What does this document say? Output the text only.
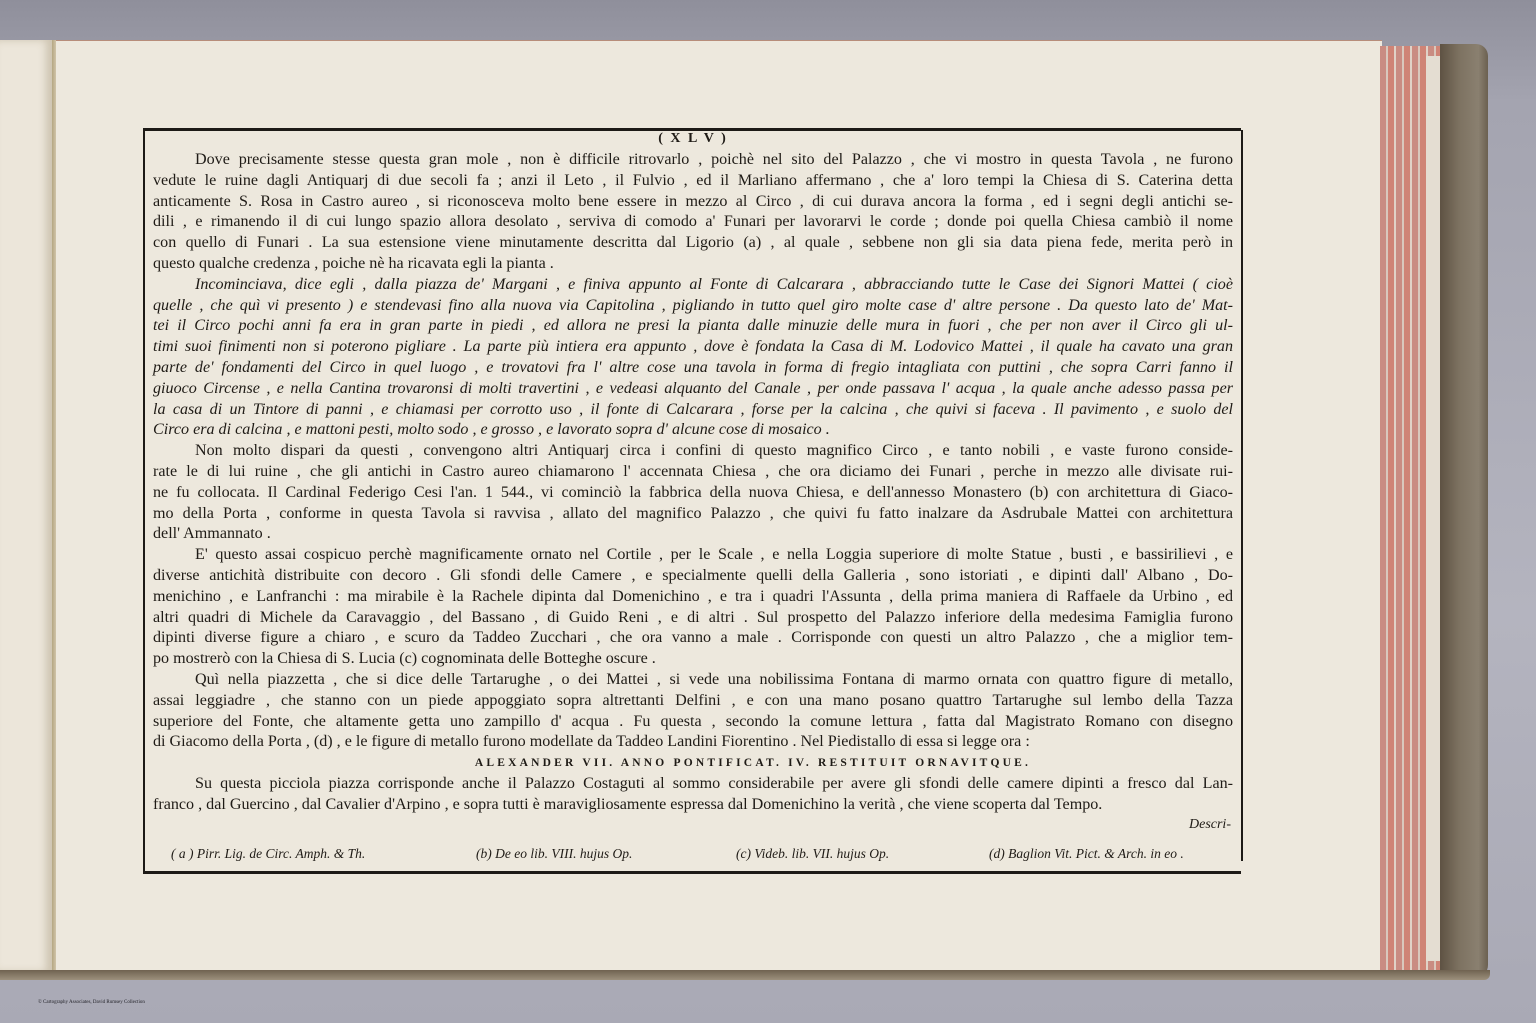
( X L V )
Dove precisamente stesse questa gran mole , non è difficile ritrovarlo , poichè nel sito del Palazzo , che vi mostro in questa Tavola , ne furono
vedute le ruine dagli Antiquarj di due secoli fa ; anzi il Leto , il Fulvio , ed il Marliano affermano , che a' loro tempi la Chiesa di S. Caterina detta
anticamente S. Rosa in Castro aureo , si riconosceva molto bene essere in mezzo al Circo , di cui durava ancora la forma , ed i segni degli antichi se-
dili , e rimanendo il di cui lungo spazio allora desolato , serviva di comodo a' Funari per lavorarvi le corde ; donde poi quella Chiesa cambiò il nome
con quello di Funari . La sua estensione viene minutamente descritta dal Ligorio (a) , al quale , sebbene non gli sia data piena fede, merita però in
questo qualche credenza , poiche nè ha ricavata egli la pianta .
Incominciava, dice egli , dalla piazza de' Margani , e finiva appunto al Fonte di Calcarara , abbracciando tutte le Case dei Signori Mattei ( cioè
quelle , che quì vi presento ) e stendevasi fino alla nuova via Capitolina , pigliando in tutto quel giro molte case d' altre persone . Da questo lato de' Mat-
tei il Circo pochi anni fa era in gran parte in piedi , ed allora ne presi la pianta dalle minuzie delle mura in fuori , che per non aver il Circo gli ul-
timi suoi finimenti non si poterono pigliare . La parte più intiera era appunto , dove è fondata la Casa di M. Lodovico Mattei , il quale ha cavato una gran
parte de' fondamenti del Circo in quel luogo , e trovatovi fra l' altre cose una tavola in forma di fregio intagliata con puttini , che sopra Carri fanno il
giuoco Circense , e nella Cantina trovaronsi di molti travertini , e vedeasi alquanto del Canale , per onde passava l' acqua , la quale anche adesso passa per
la casa di un Tintore di panni , e chiamasi per corrotto uso , il fonte di Calcarara , forse per la calcina , che quivi si faceva . Il pavimento , e suolo del
Circo era di calcina , e mattoni pesti, molto sodo , e grosso , e lavorato sopra d' alcune cose di mosaico .
Non molto dispari da questi , convengono altri Antiquarj circa i confini di questo magnifico Circo , e tanto nobili , e vaste furono conside-
rate le di lui ruine , che gli antichi in Castro aureo chiamarono l' accennata Chiesa , che ora diciamo dei Funari , perche in mezzo alle divisate rui-
ne fu collocata. Il Cardinal Federigo Cesi l'an. 1 544., vi cominciò la fabbrica della nuova Chiesa, e dell'annesso Monastero (b) con architettura di Giaco-
mo della Porta , conforme in questa Tavola si ravvisa , allato del magnifico Palazzo , che quivi fu fatto inalzare da Asdrubale Mattei con architettura
dell' Ammannato .
E' questo assai cospicuo perchè magnificamente ornato nel Cortile , per le Scale , e nella Loggia superiore di molte Statue , busti , e bassirilievi , e
diverse antichità distribuite con decoro . Gli sfondi delle Camere , e specialmente quelli della Galleria , sono istoriati , e dipinti dall' Albano , Do-
menichino , e Lanfranchi : ma mirabile è la Rachele dipinta dal Domenichino , e tra i quadri l'Assunta , della prima maniera di Raffaele da Urbino , ed
altri quadri di Michele da Caravaggio , del Bassano , di Guido Reni , e di altri . Sul prospetto del Palazzo inferiore della medesima Famiglia furono
dipinti diverse figure a chiaro , e scuro da Taddeo Zucchari , che ora vanno a male . Corrisponde con questi un altro Palazzo , che a miglior tem-
po mostrerò con la Chiesa di S. Lucia (c) cognominata delle Botteghe oscure .
Quì nella piazzetta , che si dice delle Tartarughe , o dei Mattei , si vede una nobilissima Fontana di marmo ornata con quattro figure di metallo,
assai leggiadre , che stanno con un piede appoggiato sopra altrettanti Delfini , e con una mano posano quattro Tartarughe sul lembo della Tazza
superiore del Fonte, che altamente getta uno zampillo d' acqua . Fu questa , secondo la comune lettura , fatta dal Magistrato Romano con disegno
di Giacomo della Porta , (d) , e le figure di metallo furono modellate da Taddeo Landini Fiorentino . Nel Piedistallo di essa si legge ora :
ALEXANDER VII. ANNO PONTIFICAT. IV. RESTITUIT ORNAVITQUE.
Su questa picciola piazza corrisponde anche il Palazzo Costaguti al sommo considerabile per avere gli sfondi delle camere dipinti a fresco dal Lan-
franco , dal Guercino , dal Cavalier d'Arpino , e sopra tutti è maravigliosamente espressa dal Domenichino la verità , che viene scoperta dal Tempo.
Descri-
( a ) Pirr. Lig. de Circ. Amph. & Th.	(b) De eo lib. VIII. hujus Op.	(c) Videb. lib. VII. hujus Op.	(d) Baglion Vit. Pict. & Arch. in eo .
© Cartography Associates, David Rumsey Collection
